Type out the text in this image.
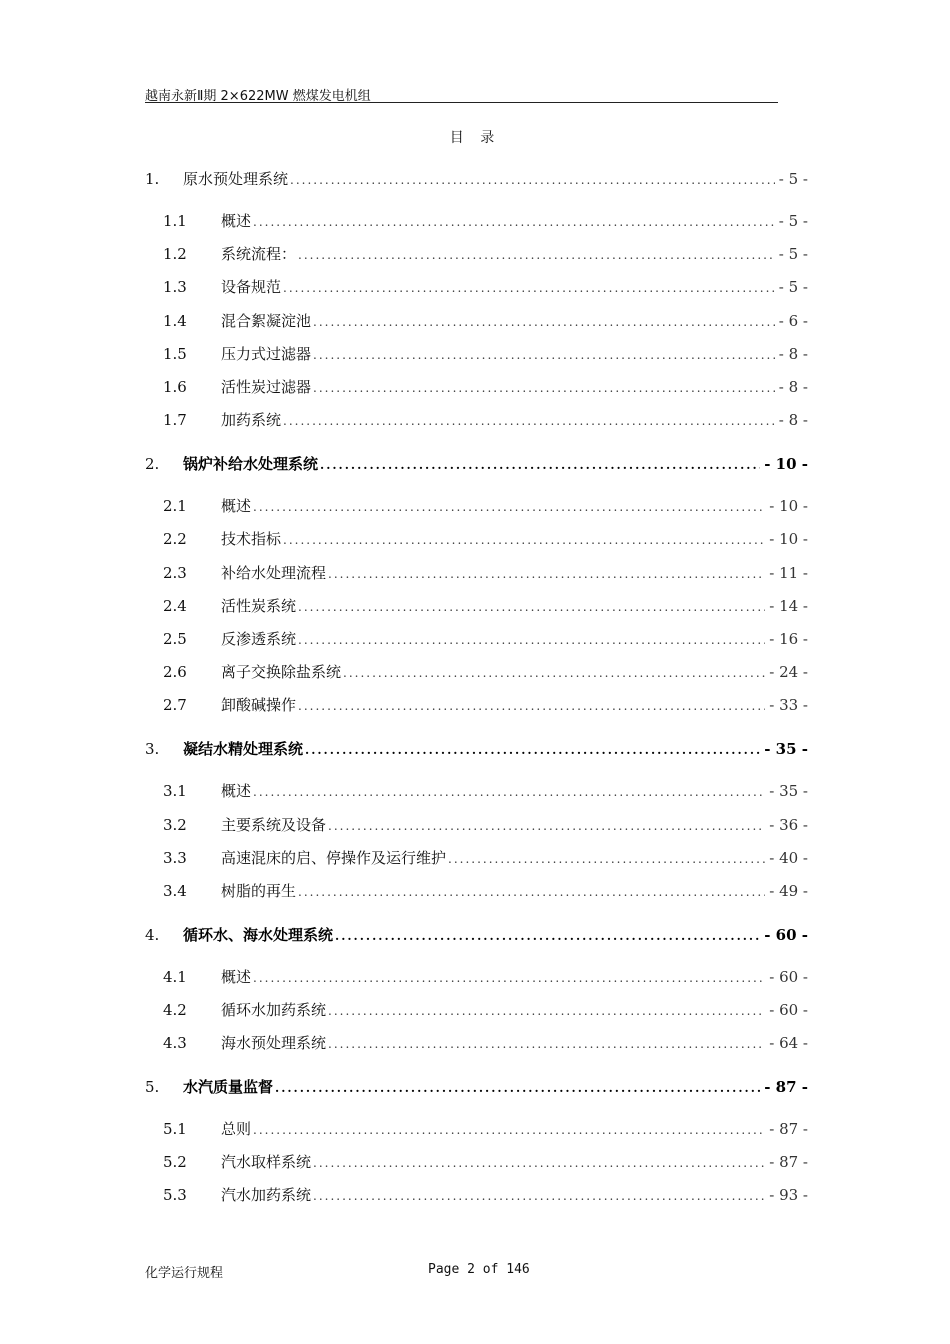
越南永新Ⅱ期 2×622MW 燃煤发电机组
目 录
1.	原水预处理系统 .....	- 5 -
1.1	概述 .....	- 5 -
1.2	系统流程： .....	- 5 -
1.3	设备规范 .....	- 5 -
1.4	混合絮凝淀池 .....	- 6 -
1.5	压力式过滤器 .....	- 8 -
1.6	活性炭过滤器 .....	- 8 -
1.7	加药系统 .....	- 8 -
2.	锅炉补给水处理系统 .....	- 10 -
2.1	概述 .....	- 10 -
2.2	技术指标 .....	- 10 -
2.3	补给水处理流程 .....	- 11 -
2.4	活性炭系统 .....	- 14 -
2.5	反渗透系统 .....	- 16 -
2.6	离子交换除盐系统 .....	- 24 -
2.7	卸酸碱操作 .....	- 33 -
3.	凝结水精处理系统 .....	- 35 -
3.1	概述 .....	- 35 -
3.2	主要系统及设备 .....	- 36 -
3.3	高速混床的启、停操作及运行维护 .....	- 40 -
3.4	树脂的再生 .....	- 49 -
4.	循环水、海水处理系统 .....	- 60 -
4.1	概述 .....	- 60 -
4.2	循环水加药系统 .....	- 60 -
4.3	海水预处理系统 .....	- 64 -
5.	水汽质量监督 .....	- 87 -
5.1	总则 .....	- 87 -
5.2	汽水取样系统 .....	- 87 -
5.3	汽水加药系统 .....	- 93 -
化学运行规程	Page 2 of 146
